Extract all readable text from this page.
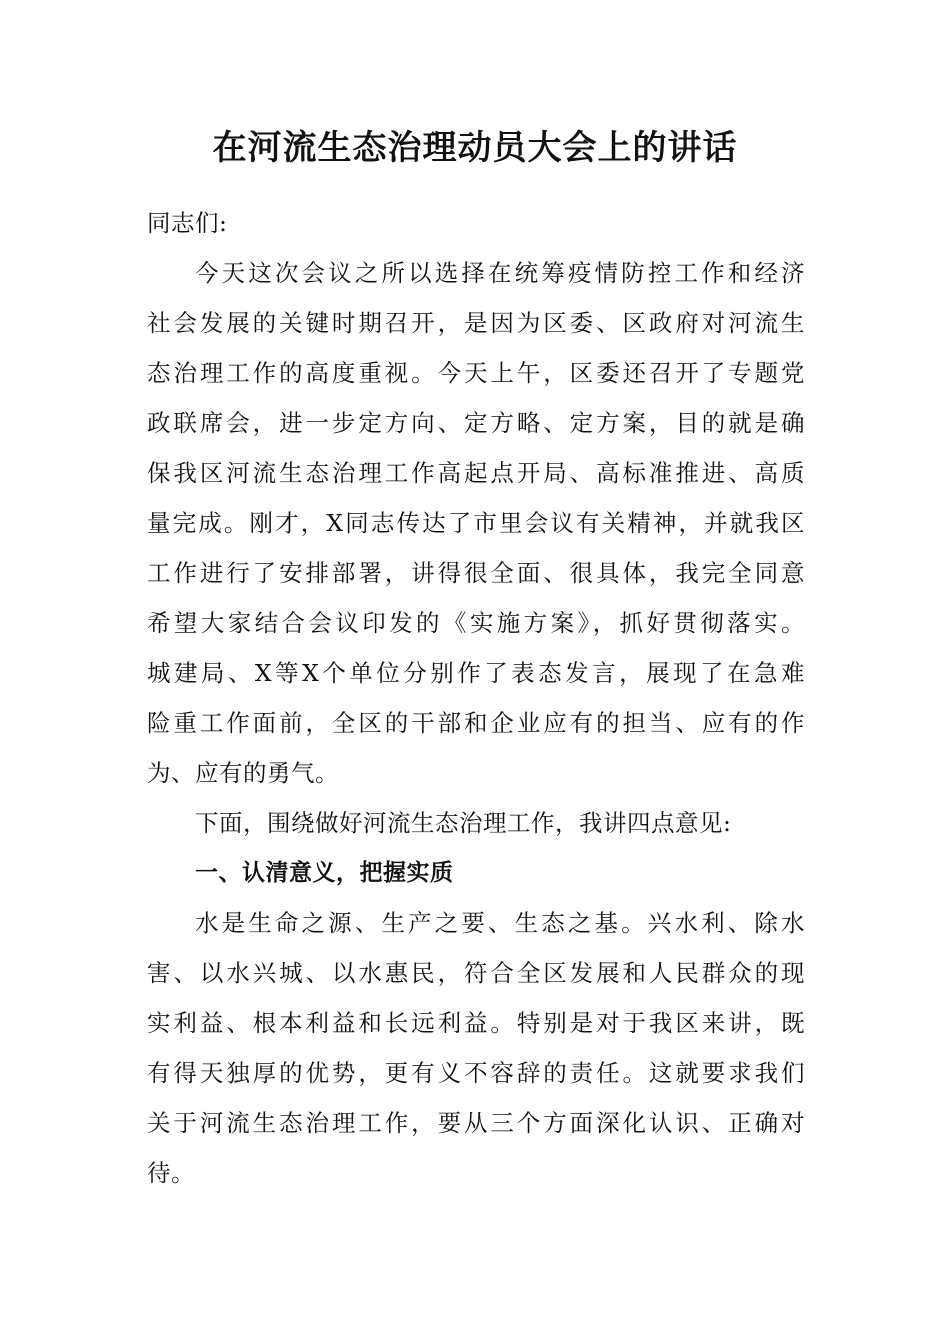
在河流生态治理动员大会上的讲话
同志们:
今天这次会议之所以选择在统筹疫情防控工作和经济
社会发展的关键时期召开，是因为区委、区政府对河流生
态治理工作的高度重视。今天上午，区委还召开了专题党
政联席会，进一步定方向、定方略、定方案，目的就是确
保我区河流生态治理工作高起点开局、高标准推进、高质
量完成。刚才，X同志传达了市里会议有关精神，并就我区
工作进行了安排部署，讲得很全面、很具体，我完全同意
希望大家结合会议印发的《实施方案》，抓好贯彻落实。
城建局、X等X个单位分别作了表态发言，展现了在急难
险重工作面前，全区的干部和企业应有的担当、应有的作
为、应有的勇气。
下面，围绕做好河流生态治理工作，我讲四点意见:
一、认清意义，把握实质
水是生命之源、生产之要、生态之基。兴水利、除水
害、以水兴城、以水惠民，符合全区发展和人民群众的现
实利益、根本利益和长远利益。特别是对于我区来讲，既
有得天独厚的优势，更有义不容辞的责任。这就要求我们
关于河流生态治理工作，要从三个方面深化认识、正确对
待。
